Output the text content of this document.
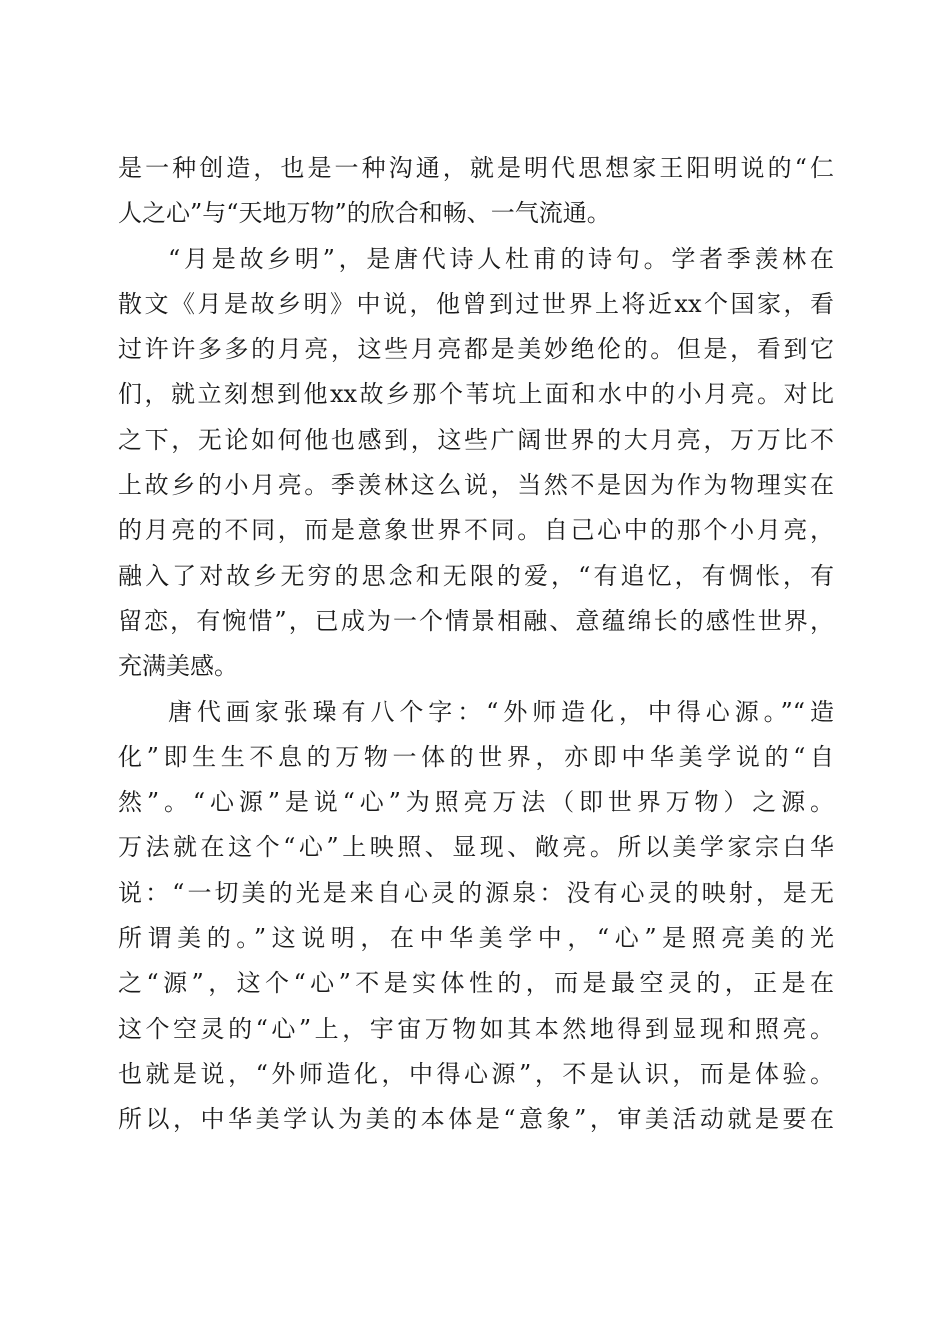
是一种创造，也是一种沟通，就是明代思想家王阳明说的“仁
人之心”与“天地万物”的欣合和畅、一气流通。
“月是故乡明”，是唐代诗人杜甫的诗句。学者季羡林在
散文《月是故乡明》中说，他曾到过世界上将近xx个国家，看
过许许多多的月亮，这些月亮都是美妙绝伦的。但是，看到它
们，就立刻想到他xx故乡那个苇坑上面和水中的小月亮。对比
之下，无论如何他也感到，这些广阔世界的大月亮，万万比不
上故乡的小月亮。季羡林这么说，当然不是因为作为物理实在
的月亮的不同，而是意象世界不同。自己心中的那个小月亮，
融入了对故乡无穷的思念和无限的爱，“有追忆，有惆怅，有
留恋，有惋惜”，已成为一个情景相融、意蕴绵长的感性世界，
充满美感。
唐代画家张璪有八个字：“外师造化，中得心源。”“造
化”即生生不息的万物一体的世界，亦即中华美学说的“自
然”。“心源”是说“心”为照亮万法（即世界万物）之源。
万法就在这个“心”上映照、显现、敞亮。所以美学家宗白华
说：“一切美的光是来自心灵的源泉：没有心灵的映射，是无
所谓美的。”这说明，在中华美学中，“心”是照亮美的光
之“源”，这个“心”不是实体性的，而是最空灵的，正是在
这个空灵的“心”上，宇宙万物如其本然地得到显现和照亮。
也就是说，“外师造化，中得心源”，不是认识，而是体验。
所以，中华美学认为美的本体是“意象”，审美活动就是要在
